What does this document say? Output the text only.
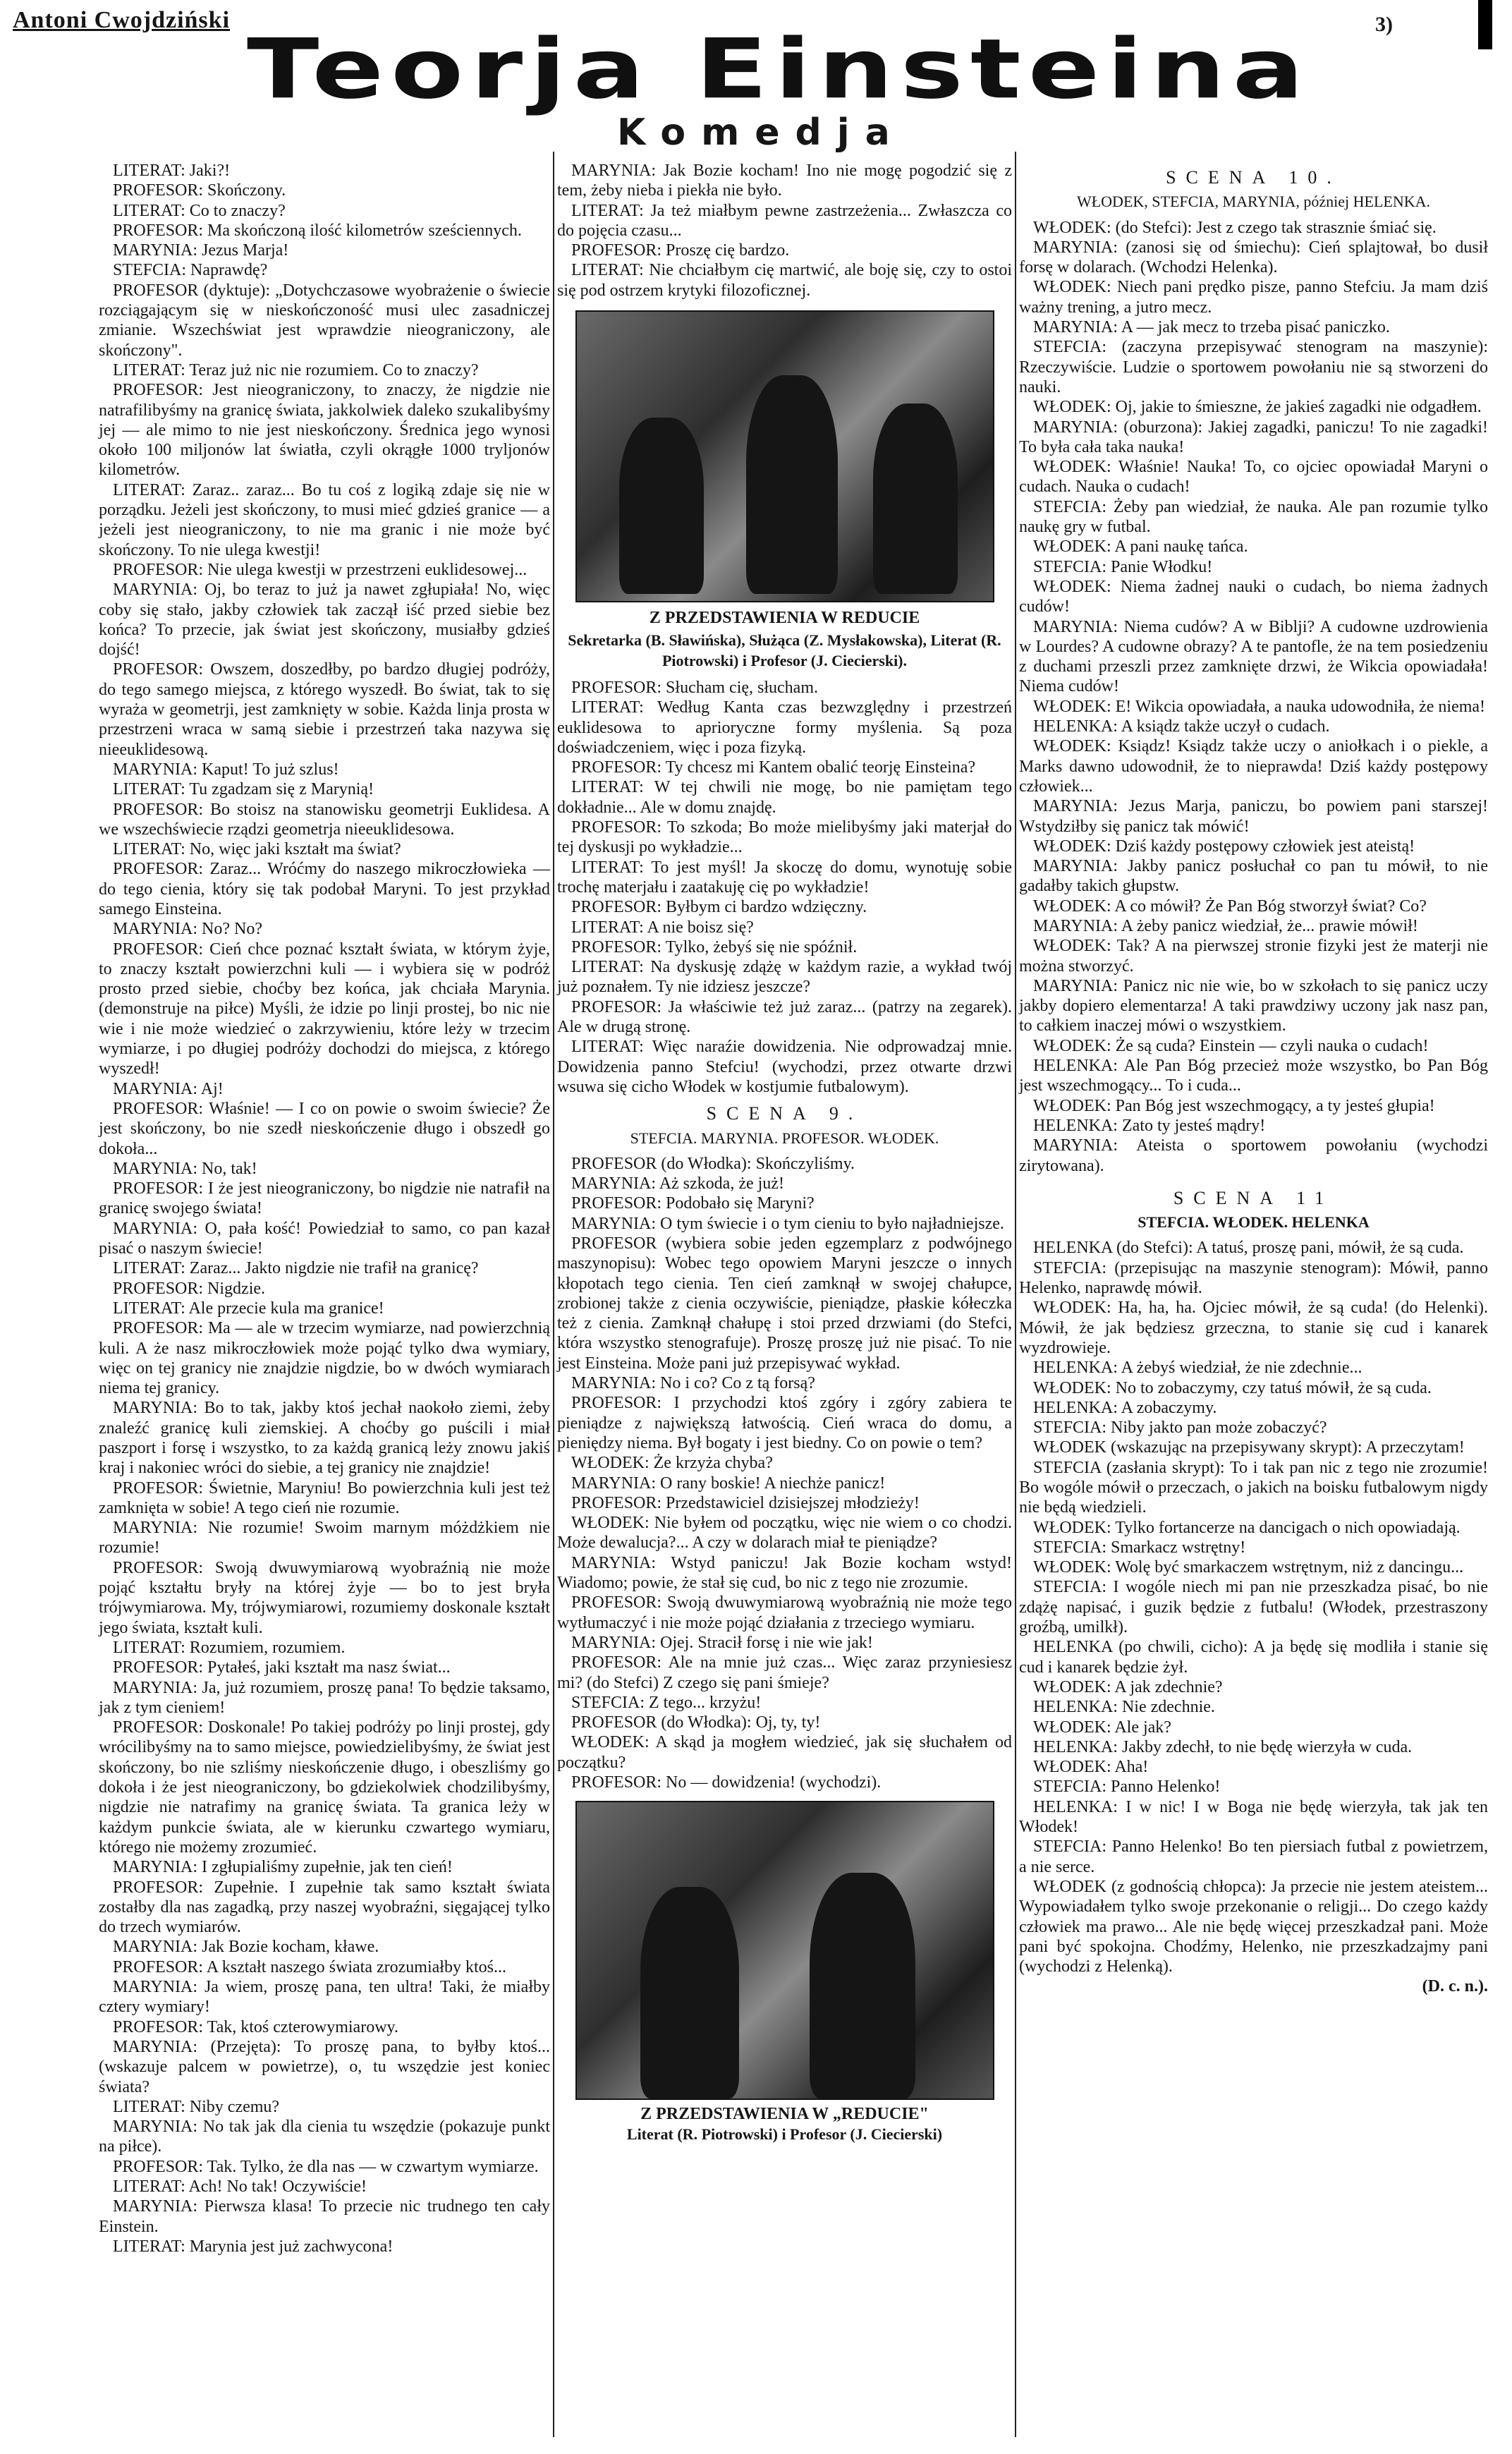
Antoni Cwojdziński	3)
Teorja Einsteina
Komedja

LITERAT: Jaki?!

PROFESOR: Skończony.

LITERAT: Co to znaczy?

PROFESOR: Ma skończoną ilość kilometrów sześciennych.

MARYNIA: Jezus Marja!

STEFCIA: Naprawdę?

PROFESOR (dyktuje): „Dotychczasowe wyobrażenie o świecie rozciągającym się w nieskończoność musi ulec zasadniczej zmianie. Wszechświat jest wprawdzie nieograniczony, ale skończony".

LITERAT: Teraz już nic nie rozumiem. Co to znaczy?

PROFESOR: Jest nieograniczony, to znaczy, że nigdzie nie natrafilibyśmy na granicę świata, jakkolwiek daleko szukalibyśmy jej — ale mimo to nie jest nieskończony. Średnica jego wynosi około 100 miljonów lat światła, czyli okrągłe 1000 tryljonów kilometrów.

LITERAT: Zaraz.. zaraz... Bo tu coś z logiką zdaje się nie w porządku. Jeżeli jest skończony, to musi mieć gdzieś granice — a jeżeli jest nieograniczony, to nie ma granic i nie może być skończony. To nie ulega kwestji!

PROFESOR: Nie ulega kwestji w przestrzeni euklidesowej...

MARYNIA: Oj, bo teraz to już ja nawet zgłupiała! No, więc coby się stało, jakby człowiek tak zaczął iść przed siebie bez końca? To przecie, jak świat jest skończony, musiałby gdzieś dojść!

PROFESOR: Owszem, doszedłby, po bardzo długiej podróży, do tego samego miejsca, z którego wyszedł. Bo świat, tak to się wyraża w geometrji, jest zamknięty w sobie. Każda linja prosta w przestrzeni wraca w samą siebie i przestrzeń taka nazywa się nieeuklidesową.

MARYNIA: Kaput! To już szlus!

LITERAT: Tu zgadzam się z Marynią!

PROFESOR: Bo stoisz na stanowisku geometrji Euklidesa. A we wszechświecie rządzi geometrja nieeuklidesowa.

LITERAT: No, więc jaki kształt ma świat?

PROFESOR: Zaraz... Wróćmy do naszego mikroczłowieka — do tego cienia, który się tak podobał Maryni. To jest przykład samego Einsteina.

MARYNIA: No? No?

PROFESOR: Cień chce poznać kształt świata, w którym żyje, to znaczy kształt powierzchni kuli — i wybiera się w podróż prosto przed siebie, choćby bez końca, jak chciała Marynia. (demonstruje na piłce) Myśli, że idzie po linji prostej, bo nic nie wie i nie może wiedzieć o zakrzywieniu, które leży w trzecim wymiarze, i po długiej podróży dochodzi do miejsca, z którego wyszedł!

MARYNIA: Aj!

PROFESOR: Właśnie! — I co on powie o swoim świecie? Że jest skończony, bo nie szedł nieskończenie długo i obszedł go dokoła...

MARYNIA: No, tak!

PROFESOR: I że jest nieograniczony, bo nigdzie nie natrafił na granicę swojego świata!

MARYNIA: O, pała kość! Powiedział to samo, co pan kazał pisać o naszym świecie!

LITERAT: Zaraz... Jakto nigdzie nie trafił na granicę?

PROFESOR: Nigdzie.

LITERAT: Ale przecie kula ma granice!

PROFESOR: Ma — ale w trzecim wymiarze, nad powierzchnią kuli. A że nasz mikroczłowiek może pojąć tylko dwa wymiary, więc on tej granicy nie znajdzie nigdzie, bo w dwóch wymiarach niema tej granicy.

MARYNIA: Bo to tak, jakby ktoś jechał naokoło ziemi, żeby znaleźć granicę kuli ziemskiej. A choćby go puścili i miał paszport i forsę i wszystko, to za każdą granicą leży znowu jakiś kraj i nakoniec wróci do siebie, a tej granicy nie znajdzie!

PROFESOR: Świetnie, Maryniu! Bo powierzchnia kuli jest też zamknięta w sobie! A tego cień nie rozumie.

MARYNIA: Nie rozumie! Swoim marnym móżdżkiem nie rozumie!

PROFESOR: Swoją dwuwymiarową wyobraźnią nie może pojąć kształtu bryły na której żyje — bo to jest bryła trójwymiarowa. My, trójwymiarowi, rozumiemy doskonale kształt jego świata, kształt kuli.

LITERAT: Rozumiem, rozumiem.

PROFESOR: Pytałeś, jaki kształt ma nasz świat...

MARYNIA: Ja, już rozumiem, proszę pana! To będzie taksamo, jak z tym cieniem!

PROFESOR: Doskonale! Po takiej podróży po linji prostej, gdy wrócilibyśmy na to samo miejsce, powiedzielibyśmy, że świat jest skończony, bo nie szliśmy nieskończenie długo, i obeszliśmy go dokoła i że jest nieograniczony, bo gdziekolwiek chodzilibyśmy, nigdzie nie natrafimy na granicę świata. Ta granica leży w każdym punkcie świata, ale w kierunku czwartego wymiaru, którego nie możemy zrozumieć.

MARYNIA: I zgłupialiśmy zupełnie, jak ten cień!

PROFESOR: Zupełnie. I zupełnie tak samo kształt świata zostałby dla nas zagadką, przy naszej wyobraźni, sięgającej tylko do trzech wymiarów.

MARYNIA: Jak Bozie kocham, kławe.

PROFESOR: A kształt naszego świata zrozumiałby ktoś...

MARYNIA: Ja wiem, proszę pana, ten ultra! Taki, że miałby cztery wymiary!

PROFESOR: Tak, ktoś czterowymiarowy.

MARYNIA: (Przejęta): To proszę pana, to byłby ktoś... (wskazuje palcem w powietrze), o, tu wszędzie jest koniec świata?

LITERAT: Niby czemu?

MARYNIA: No tak jak dla cienia tu wszędzie (pokazuje punkt na piłce).

PROFESOR: Tak. Tylko, że dla nas — w czwartym wymiarze.

LITERAT: Ach! No tak! Oczywiście!

MARYNIA: Pierwsza klasa! To przecie nic trudnego ten cały Einstein.

LITERAT: Marynia jest już zachwycona!

MARYNIA: Jak Bozie kocham! Ino nie mogę pogodzić się z tem, żeby nieba i piekła nie było.

LITERAT: Ja też miałbym pewne zastrzeżenia... Zwłaszcza co do pojęcia czasu...

PROFESOR: Proszę cię bardzo.

LITERAT: Nie chciałbym cię martwić, ale boję się, czy to ostoi się pod ostrzem krytyki filozoficznej.

Z PRZEDSTAWIENIA W REDUCIE
Sekretarka (B. Sławińska), Służąca (Z. Mysłakowska), Literat (R. Piotrowski) i Profesor (J. Ciecierski).

PROFESOR: Słucham cię, słucham.

LITERAT: Według Kanta czas bezwzględny i przestrzeń euklidesowa to aprioryczne formy myślenia. Są poza doświadczeniem, więc i poza fizyką.

PROFESOR: Ty chcesz mi Kantem obalić teorję Einsteina?

LITERAT: W tej chwili nie mogę, bo nie pamiętam tego dokładnie... Ale w domu znajdę.

PROFESOR: To szkoda; Bo może mielibyśmy jaki materjał do tej dyskusji po wykładzie...

LITERAT: To jest myśl! Ja skoczę do domu, wynotuję sobie trochę materjału i zaatakuję cię po wykładzie!

PROFESOR: Byłbym ci bardzo wdzięczny.

LITERAT: A nie boisz się?

PROFESOR: Tylko, żebyś się nie spóźnił.

LITERAT: Na dyskusję zdążę w każdym razie, a wykład twój już poznałem. Ty nie idziesz jeszcze?

PROFESOR: Ja właściwie też już zaraz... (patrzy na zegarek). Ale w drugą stronę.

LITERAT: Więc naraźie dowidzenia. Nie odprowadzaj mnie. Dowidzenia panno Stefciu! (wychodzi, przez otwarte drzwi wsuwa się cicho Włodek w kostjumie futbalowym).

SCENA 9.
STEFCIA. MARYNIA. PROFESOR. WŁODEK.

PROFESOR (do Włodka): Skończyliśmy.

MARYNIA: Aż szkoda, że już!

PROFESOR: Podobało się Maryni?

MARYNIA: O tym świecie i o tym cieniu to było najładniejsze.

PROFESOR (wybiera sobie jeden egzemplarz z podwójnego maszynopisu): Wobec tego opowiem Maryni jeszcze o innych kłopotach tego cienia. Ten cień zamknął w swojej chałupce, zrobionej także z cienia oczywiście, pieniądze, płaskie kółeczka też z cienia. Zamknął chałupę i stoi przed drzwiami (do Stefci, która wszystko stenografuje). Proszę proszę już nie pisać. To nie jest Einsteina. Może pani już przepisywać wykład.

MARYNIA: No i co? Co z tą forsą?

PROFESOR: I przychodzi ktoś zgóry i zgóry zabiera te pieniądze z największą łatwością. Cień wraca do domu, a pieniędzy niema. Był bogaty i jest biedny. Co on powie o tem?

WŁODEK: Że krzyża chyba?

MARYNIA: O rany boskie! A niechże panicz!

PROFESOR: Przedstawiciel dzisiejszej młodzieży!

WŁODEK: Nie byłem od początku, więc nie wiem o co chodzi. Może dewalucja?... A czy w dolarach miał te pieniądze?

MARYNIA: Wstyd paniczu! Jak Bozie kocham wstyd! Wiadomo; powie, że stał się cud, bo nic z tego nie zrozumie.

PROFESOR: Swoją dwuwymiarową wyobraźnią nie może tego wytłumaczyć i nie może pojąć działania z trzeciego wymiaru.

MARYNIA: Ojej. Stracił forsę i nie wie jak!

PROFESOR: Ale na mnie już czas... Więc zaraz przyniesiesz mi? (do Stefci) Z czego się pani śmieje?

STEFCIA: Z tego... krzyżu!

PROFESOR (do Włodka): Oj, ty, ty!

WŁODEK: A skąd ja mogłem wiedzieć, jak się słuchałem od początku?

PROFESOR: No — dowidzenia! (wychodzi).

Z PRZEDSTAWIENIA W „REDUCIE"
Literat (R. Piotrowski) i Profesor (J. Ciecierski)
SCENA 10.
WŁODEK, STEFCIA, MARYNIA, później HELENKA.

WŁODEK: (do Stefci): Jest z czego tak strasznie śmiać się.

MARYNIA: (zanosi się od śmiechu): Cień splajtował, bo dusił forsę w dolarach. (Wchodzi Helenka).

WŁODEK: Niech pani prędko pisze, panno Stefciu. Ja mam dziś ważny trening, a jutro mecz.

MARYNIA: A — jak mecz to trzeba pisać paniczko.

STEFCIA: (zaczyna przepisywać stenogram na maszynie): Rzeczywiście. Ludzie o sportowem powołaniu nie są stworzeni do nauki.

WŁODEK: Oj, jakie to śmieszne, że jakieś zagadki nie odgadłem.

MARYNIA: (oburzona): Jakiej zagadki, paniczu! To nie zagadki! To była cała taka nauka!

WŁODEK: Właśnie! Nauka! To, co ojciec opowiadał Maryni o cudach. Nauka o cudach!

STEFCIA: Żeby pan wiedział, że nauka. Ale pan rozumie tylko naukę gry w futbal.

WŁODEK: A pani naukę tańca.

STEFCIA: Panie Włodku!

WŁODEK: Niema żadnej nauki o cudach, bo niema żadnych cudów!

MARYNIA: Niema cudów? A w Biblji? A cudowne uzdrowienia w Lourdes? A cudowne obrazy? A te pantofle, że na tem posiedzeniu z duchami przeszli przez zamknięte drzwi, że Wikcia opowiadała! Niema cudów!

WŁODEK: E! Wikcia opowiadała, a nauka udowodniła, że niema!

HELENKA: A ksiądz także uczył o cudach.

WŁODEK: Ksiądz! Ksiądz także uczy o aniołkach i o piekle, a Marks dawno udowodnił, że to nieprawda! Dziś każdy postępowy człowiek...

MARYNIA: Jezus Marja, paniczu, bo powiem pani starszej! Wstydziłby się panicz tak mówić!

WŁODEK: Dziś każdy postępowy człowiek jest ateistą!

MARYNIA: Jakby panicz posłuchał co pan tu mówił, to nie gadałby takich głupstw.

WŁODEK: A co mówił? Że Pan Bóg stworzył świat? Co?

MARYNIA: A żeby panicz wiedział, że... prawie mówił!

WŁODEK: Tak? A na pierwszej stronie fizyki jest że materji nie można stworzyć.

MARYNIA: Panicz nic nie wie, bo w szkołach to się panicz uczy jakby dopiero elementarza! A taki prawdziwy uczony jak nasz pan, to całkiem inaczej mówi o wszystkiem.

WŁODEK: Że są cuda? Einstein — czyli nauka o cudach!

HELENKA: Ale Pan Bóg przecież może wszystko, bo Pan Bóg jest wszechmogący... To i cuda...

WŁODEK: Pan Bóg jest wszechmogący, a ty jesteś głupia!

HELENKA: Zato ty jesteś mądry!

MARYNIA: Ateista o sportowem powołaniu (wychodzi zirytowana).

SCENA 11
STEFCIA. WŁODEK. HELENKA

HELENKA (do Stefci): A tatuś, proszę pani, mówił, że są cuda.

STEFCIA: (przepisując na maszynie stenogram): Mówił, panno Helenko, naprawdę mówił.

WŁODEK: Ha, ha, ha. Ojciec mówił, że są cuda! (do Helenki). Mówił, że jak będziesz grzeczna, to stanie się cud i kanarek wyzdrowieje.

HELENKA: A żebyś wiedział, że nie zdechnie...

WŁODEK: No to zobaczymy, czy tatuś mówił, że są cuda.

HELENKA: A zobaczymy.

STEFCIA: Niby jakto pan może zobaczyć?

WŁODEK (wskazując na przepisywany skrypt): A przeczytam!

STEFCIA (zasłania skrypt): To i tak pan nic z tego nie zrozumie! Bo wogóle mówił o przeczach, o jakich na boisku futbalowym nigdy nie będą wiedzieli.

WŁODEK: Tylko fortancerze na dancigach o nich opowiadają.

STEFCIA: Smarkacz wstrętny!

WŁODEK: Wolę być smarkaczem wstrętnym, niż z dancingu...

STEFCIA: I wogóle niech mi pan nie przeszkadza pisać, bo nie zdążę napisać, i guzik będzie z futbalu! (Włodek, przestraszony groźbą, umilkł).

HELENKA (po chwili, cicho): A ja będę się modliła i stanie się cud i kanarek będzie żył.

WŁODEK: A jak zdechnie?

HELENKA: Nie zdechnie.

WŁODEK: Ale jak?

HELENKA: Jakby zdechł, to nie będę wierzyła w cuda.

WŁODEK: Aha!

STEFCIA: Panno Helenko!

HELENKA: I w nic! I w Boga nie będę wierzyła, tak jak ten Włodek!

STEFCIA: Panno Helenko! Bo ten piersiach futbal z powietrzem, a nie serce.

WŁODEK (z godnością chłopca): Ja przecie nie jestem ateistem... Wypowiadałem tylko swoje przekonanie o religji... Do czego każdy człowiek ma prawo... Ale nie będę więcej przeszkadzał pani. Może pani być spokojna. Chodźmy, Helenko, nie przeszkadzajmy pani (wychodzi z Helenką).

(D. c. n.).
